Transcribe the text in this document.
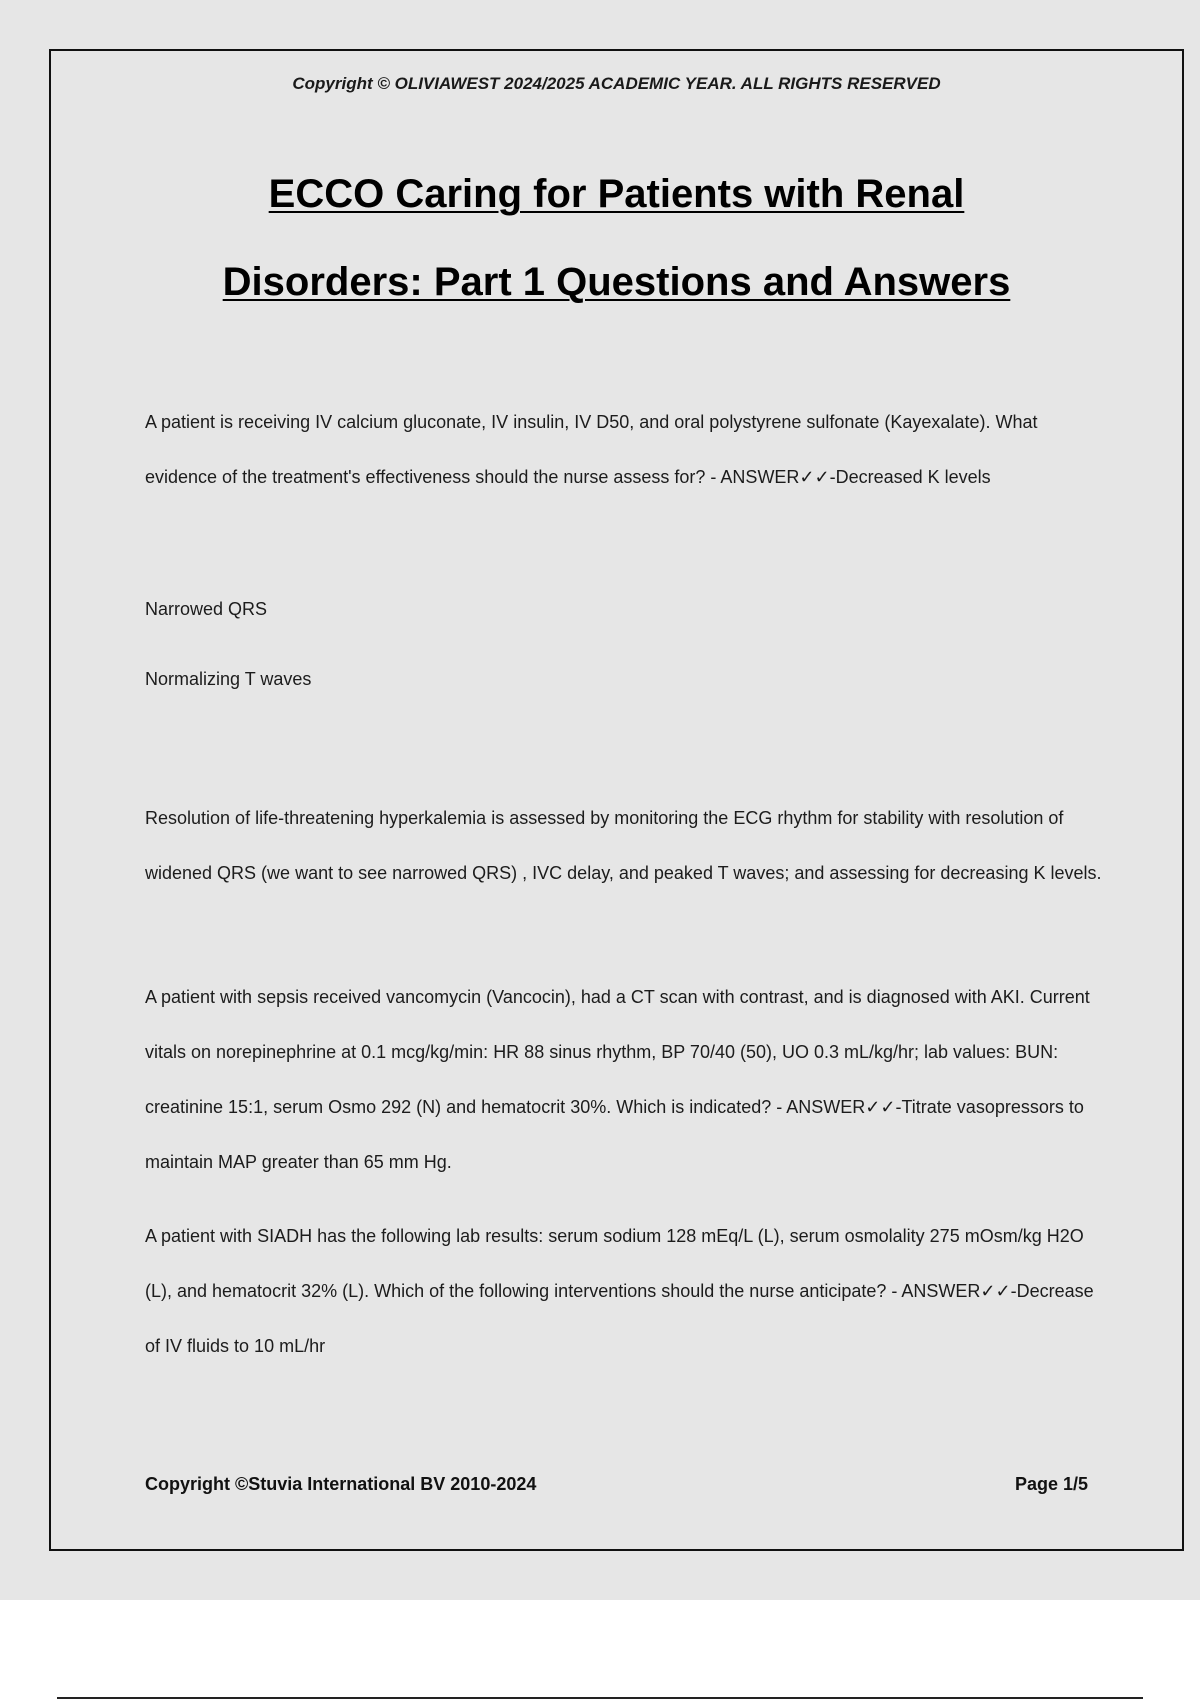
Copyright © OLIVIAWEST 2024/2025 ACADEMIC YEAR. ALL RIGHTS RESERVED
ECCO Caring for Patients with Renal
Disorders: Part 1 Questions and Answers

A patient is receiving IV calcium gluconate, IV insulin, IV D50, and oral polystyrene sulfonate (Kayexalate). What evidence of the treatment's effectiveness should the nurse assess for? - ANSWER✓✓-Decreased K levels

Narrowed QRS

Normalizing T waves

Resolution of life-threatening hyperkalemia is assessed by monitoring the ECG rhythm for stability with resolution of widened QRS (we want to see narrowed QRS) , IVC delay, and peaked T waves; and assessing for decreasing K levels.

A patient with sepsis received vancomycin (Vancocin), had a CT scan with contrast, and is diagnosed with AKI. Current vitals on norepinephrine at 0.1 mcg/kg/min: HR 88 sinus rhythm, BP 70/40 (50), UO 0.3 mL/kg/hr; lab values: BUN: creatinine 15:1, serum Osmo 292 (N) and hematocrit 30%. Which is indicated? - ANSWER✓✓-Titrate vasopressors to maintain MAP greater than 65 mm Hg.

A patient with SIADH has the following lab results: serum sodium 128 mEq/L (L), serum osmolality 275 mOsm/kg H2O (L), and hematocrit 32% (L). Which of the following interventions should the nurse anticipate? - ANSWER✓✓-Decrease of IV fluids to 10 mL/hr

Copyright ©Stuvia International BV 2010-2024	Page 1/5
